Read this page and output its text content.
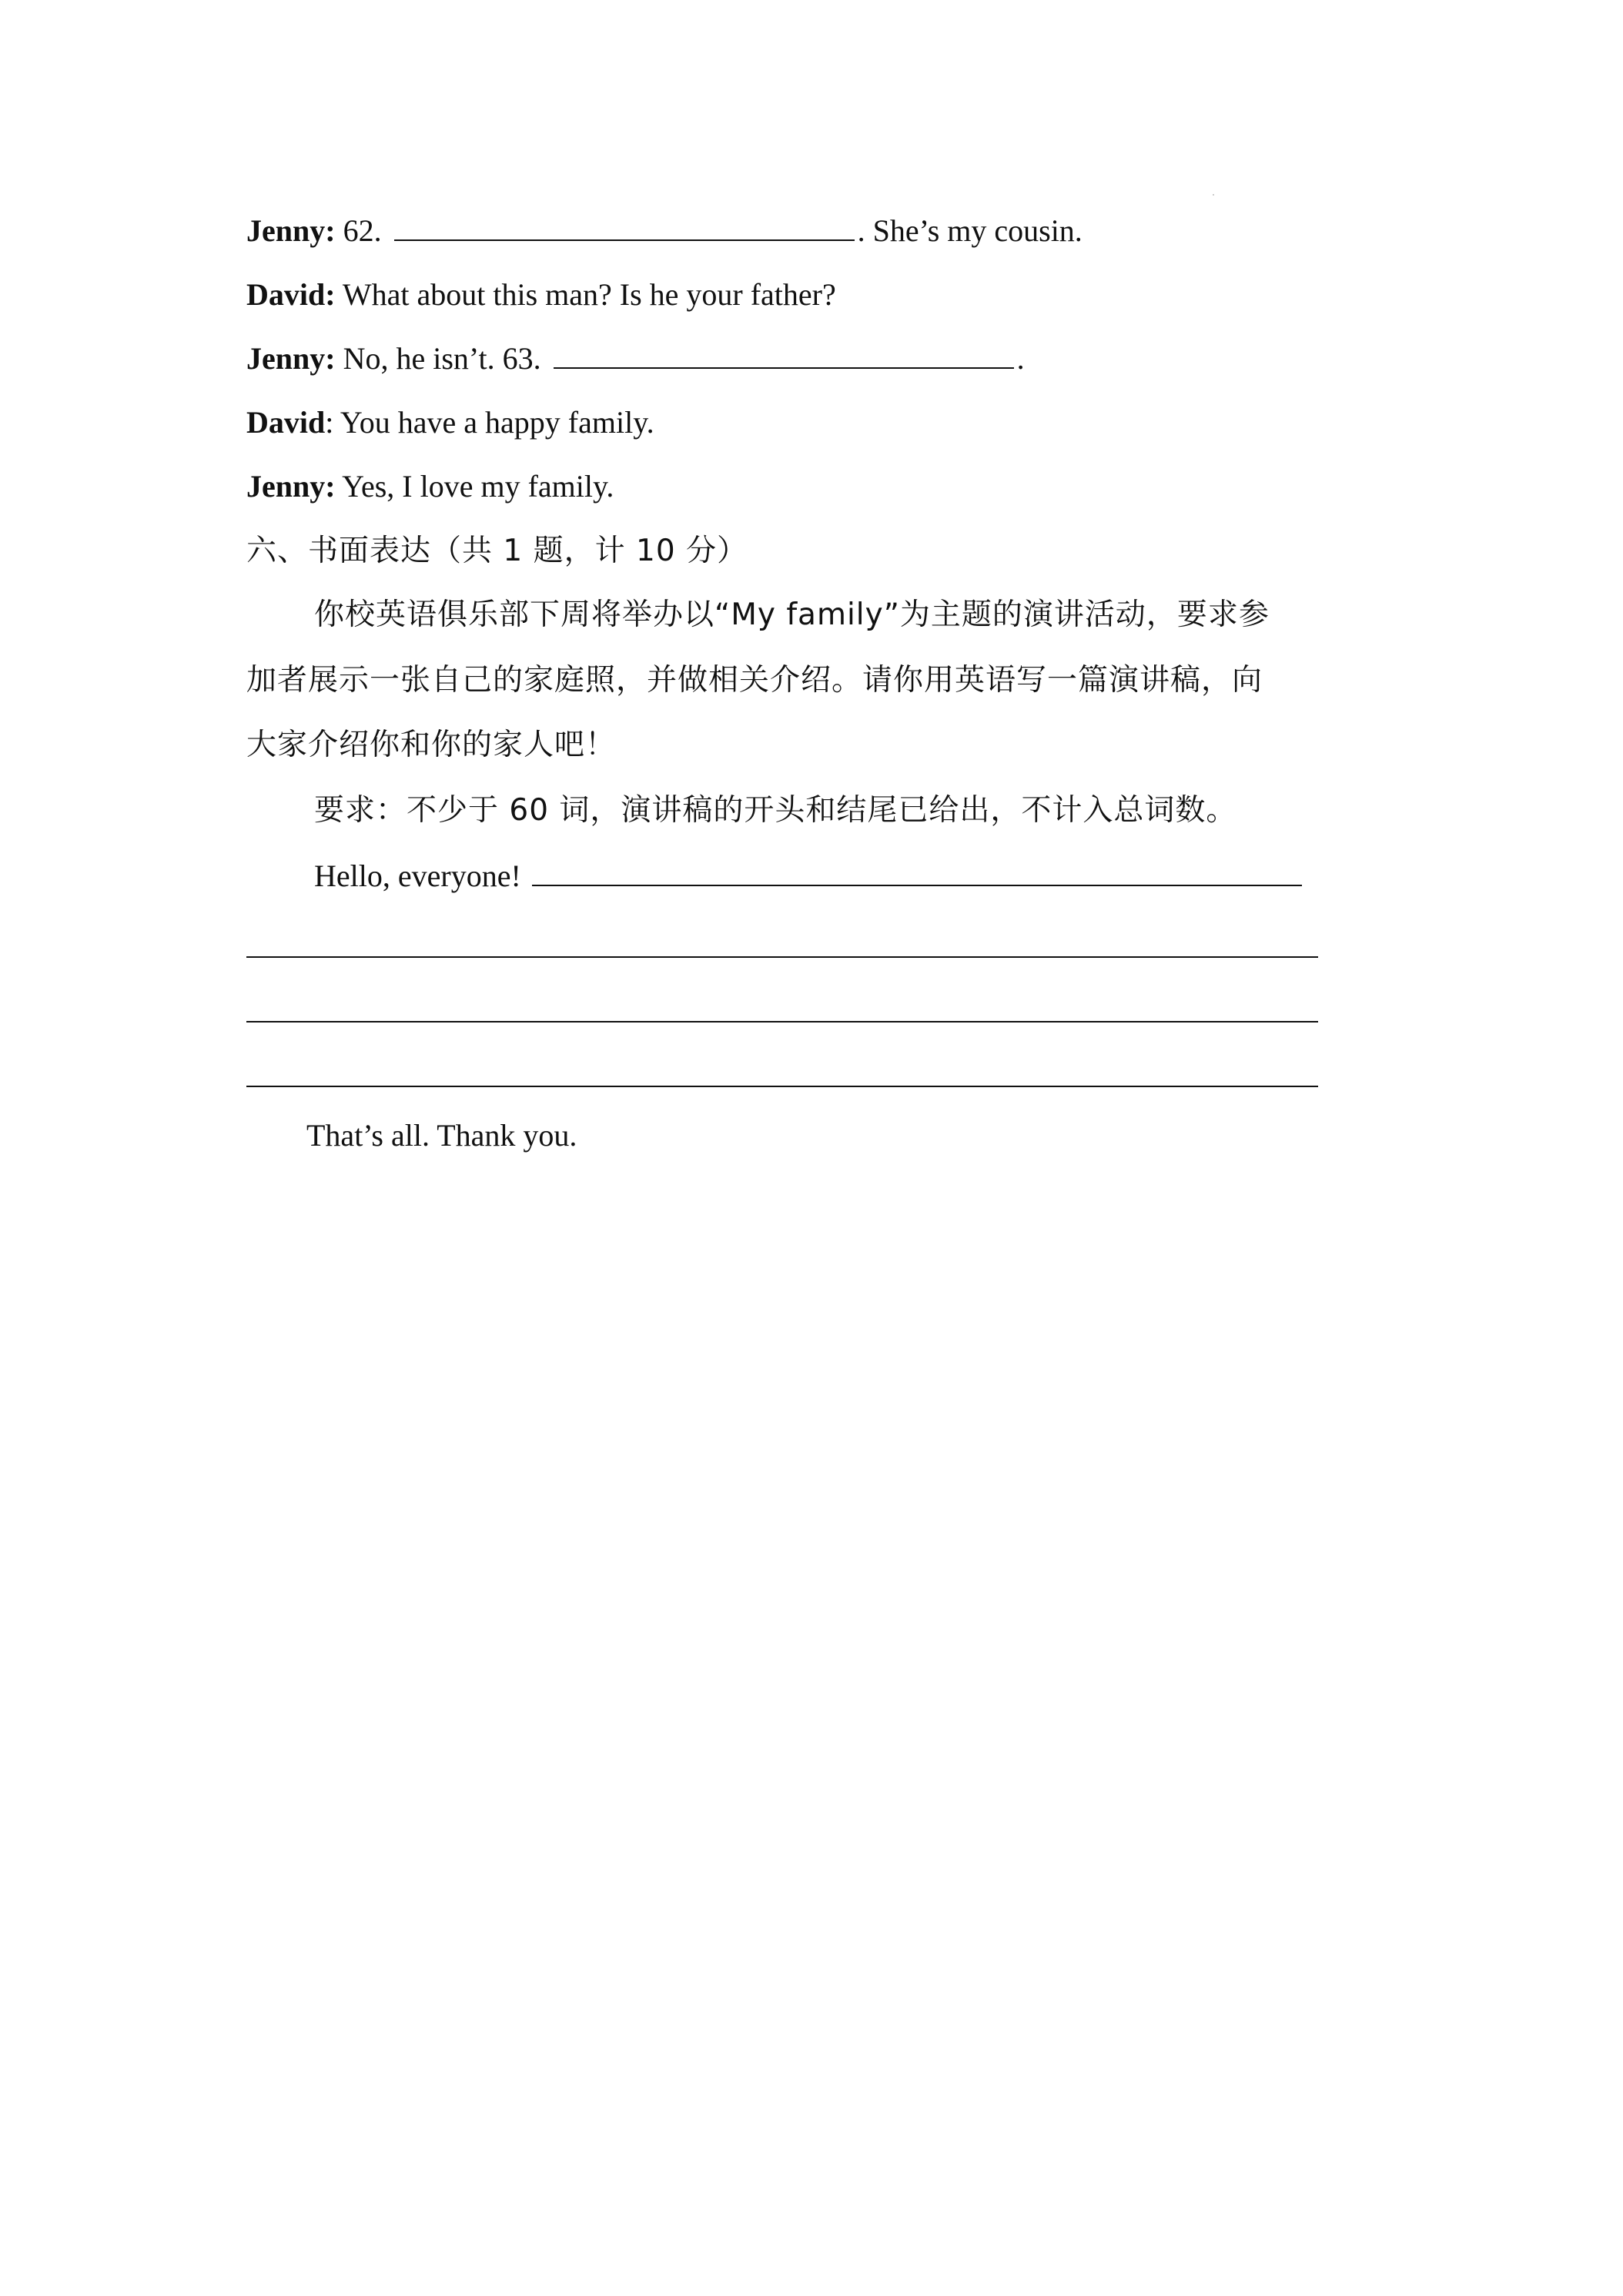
Jenny: 62.	. She’s my cousin.
David: What about this man? Is he your father?
Jenny: No, he isn’t. 63.	.
David: You have a happy family.
Jenny: Yes, I love my family.
六、书面表达（共 1 题，计 10 分）
你校英语俱乐部下周将举办以“My family”为主题的演讲活动，要求参
加者展示一张自己的家庭照，并做相关介绍。请你用英语写一篇演讲稿，向
大家介绍你和你的家人吧！
要求：不少于 60 词，演讲稿的开头和结尾已给出，不计入总词数。
Hello, everyone!
That’s all. Thank you.
